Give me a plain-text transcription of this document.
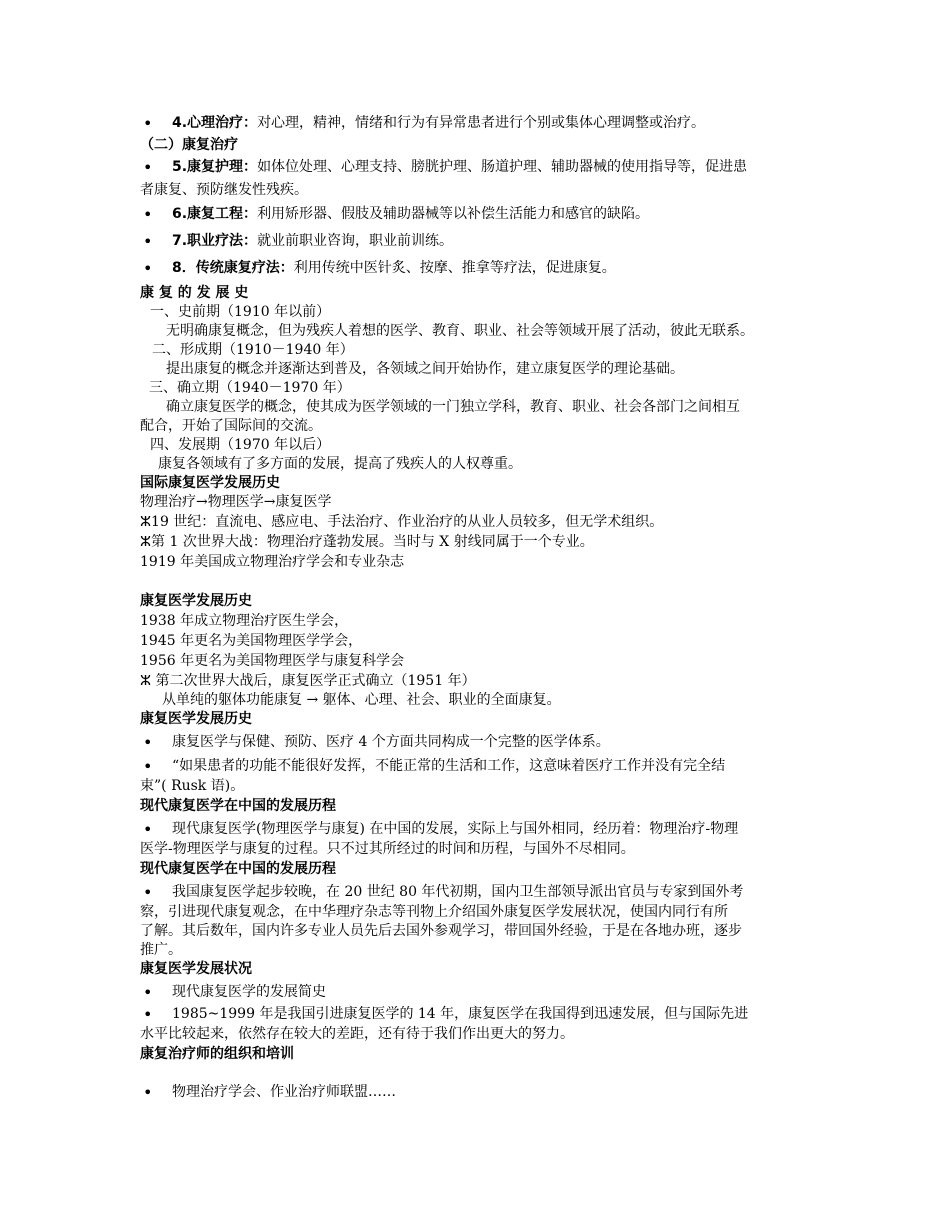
• 4.心理治疗：对心理，精神，情绪和行为有异常患者进行个别或集体心理调整或治疗。
（二）康复治疗
• 5.康复护理：如体位处理、心理支持、膀胱护理、肠道护理、辅助器械的使用指导等，促进患
者康复、预防继发性残疾。
• 6.康复工程：利用矫形器、假肢及辅助器械等以补偿生活能力和感官的缺陷。
• 7.职业疗法：就业前职业咨询，职业前训练。
• 8．传统康复疗法：利用传统中医针炙、按摩、推拿等疗法，促进康复。
康 复 的 发 展 史
一、史前期（1910 年以前）
无明确康复概念，但为残疾人着想的医学、教育、职业、社会等领域开展了活动，彼此无联系。
二、形成期（1910－1940 年）
提出康复的概念并逐渐达到普及，各领域之间开始协作，建立康复医学的理论基础。
三、确立期（1940－1970 年）
确立康复医学的概念，使其成为医学领域的一门独立学科，教育、职业、社会各部门之间相互
配合，开始了国际间的交流。
四、发展期（1970 年以后）
康复各领域有了多方面的发展，提高了残疾人的人权尊重。
国际康复医学发展历史
物理治疗→物理医学→康复医学
ⵣ19 世纪：直流电、感应电、手法治疗、作业治疗的从业人员较多，但无学术组织。
ⵣ第 1 次世界大战：物理治疗蓬勃发展。当时与 X 射线同属于一个专业。
1919 年美国成立物理治疗学会和专业杂志
康复医学发展历史
1938 年成立物理治疗医生学会，
1945 年更名为美国物理医学学会，
1956 年更名为美国物理医学与康复科学会
ⵣ 第二次世界大战后，康复医学正式确立（1951 年）
从单纯的躯体功能康复 → 躯体、心理、社会、职业的全面康复。
康复医学发展历史
• 康复医学与保健、预防、医疗 4 个方面共同构成一个完整的医学体系。
• “如果患者的功能不能很好发挥，不能正常的生活和工作，这意味着医疗工作并没有完全结
束”( Rusk 语)。
现代康复医学在中国的发展历程
• 现代康复医学(物理医学与康复) 在中国的发展，实际上与国外相同，经历着：物理治疗-物理
医学-物理医学与康复的过程。只不过其所经过的时间和历程，与国外不尽相同。
现代康复医学在中国的发展历程
• 我国康复医学起步较晚，在 20 世纪 80 年代初期，国内卫生部领导派出官员与专家到国外考
察，引进现代康复观念，在中华理疗杂志等刊物上介绍国外康复医学发展状况，使国内同行有所
了解。其后数年，国内许多专业人员先后去国外参观学习，带回国外经验，于是在各地办班，逐步
推广。
康复医学发展状况
• 现代康复医学的发展简史
• 1985~1999 年是我国引进康复医学的 14 年，康复医学在我国得到迅速发展，但与国际先进
水平比较起来，依然存在较大的差距，还有待于我们作出更大的努力。
康复治疗师的组织和培训
• 物理治疗学会、作业治疗师联盟……
